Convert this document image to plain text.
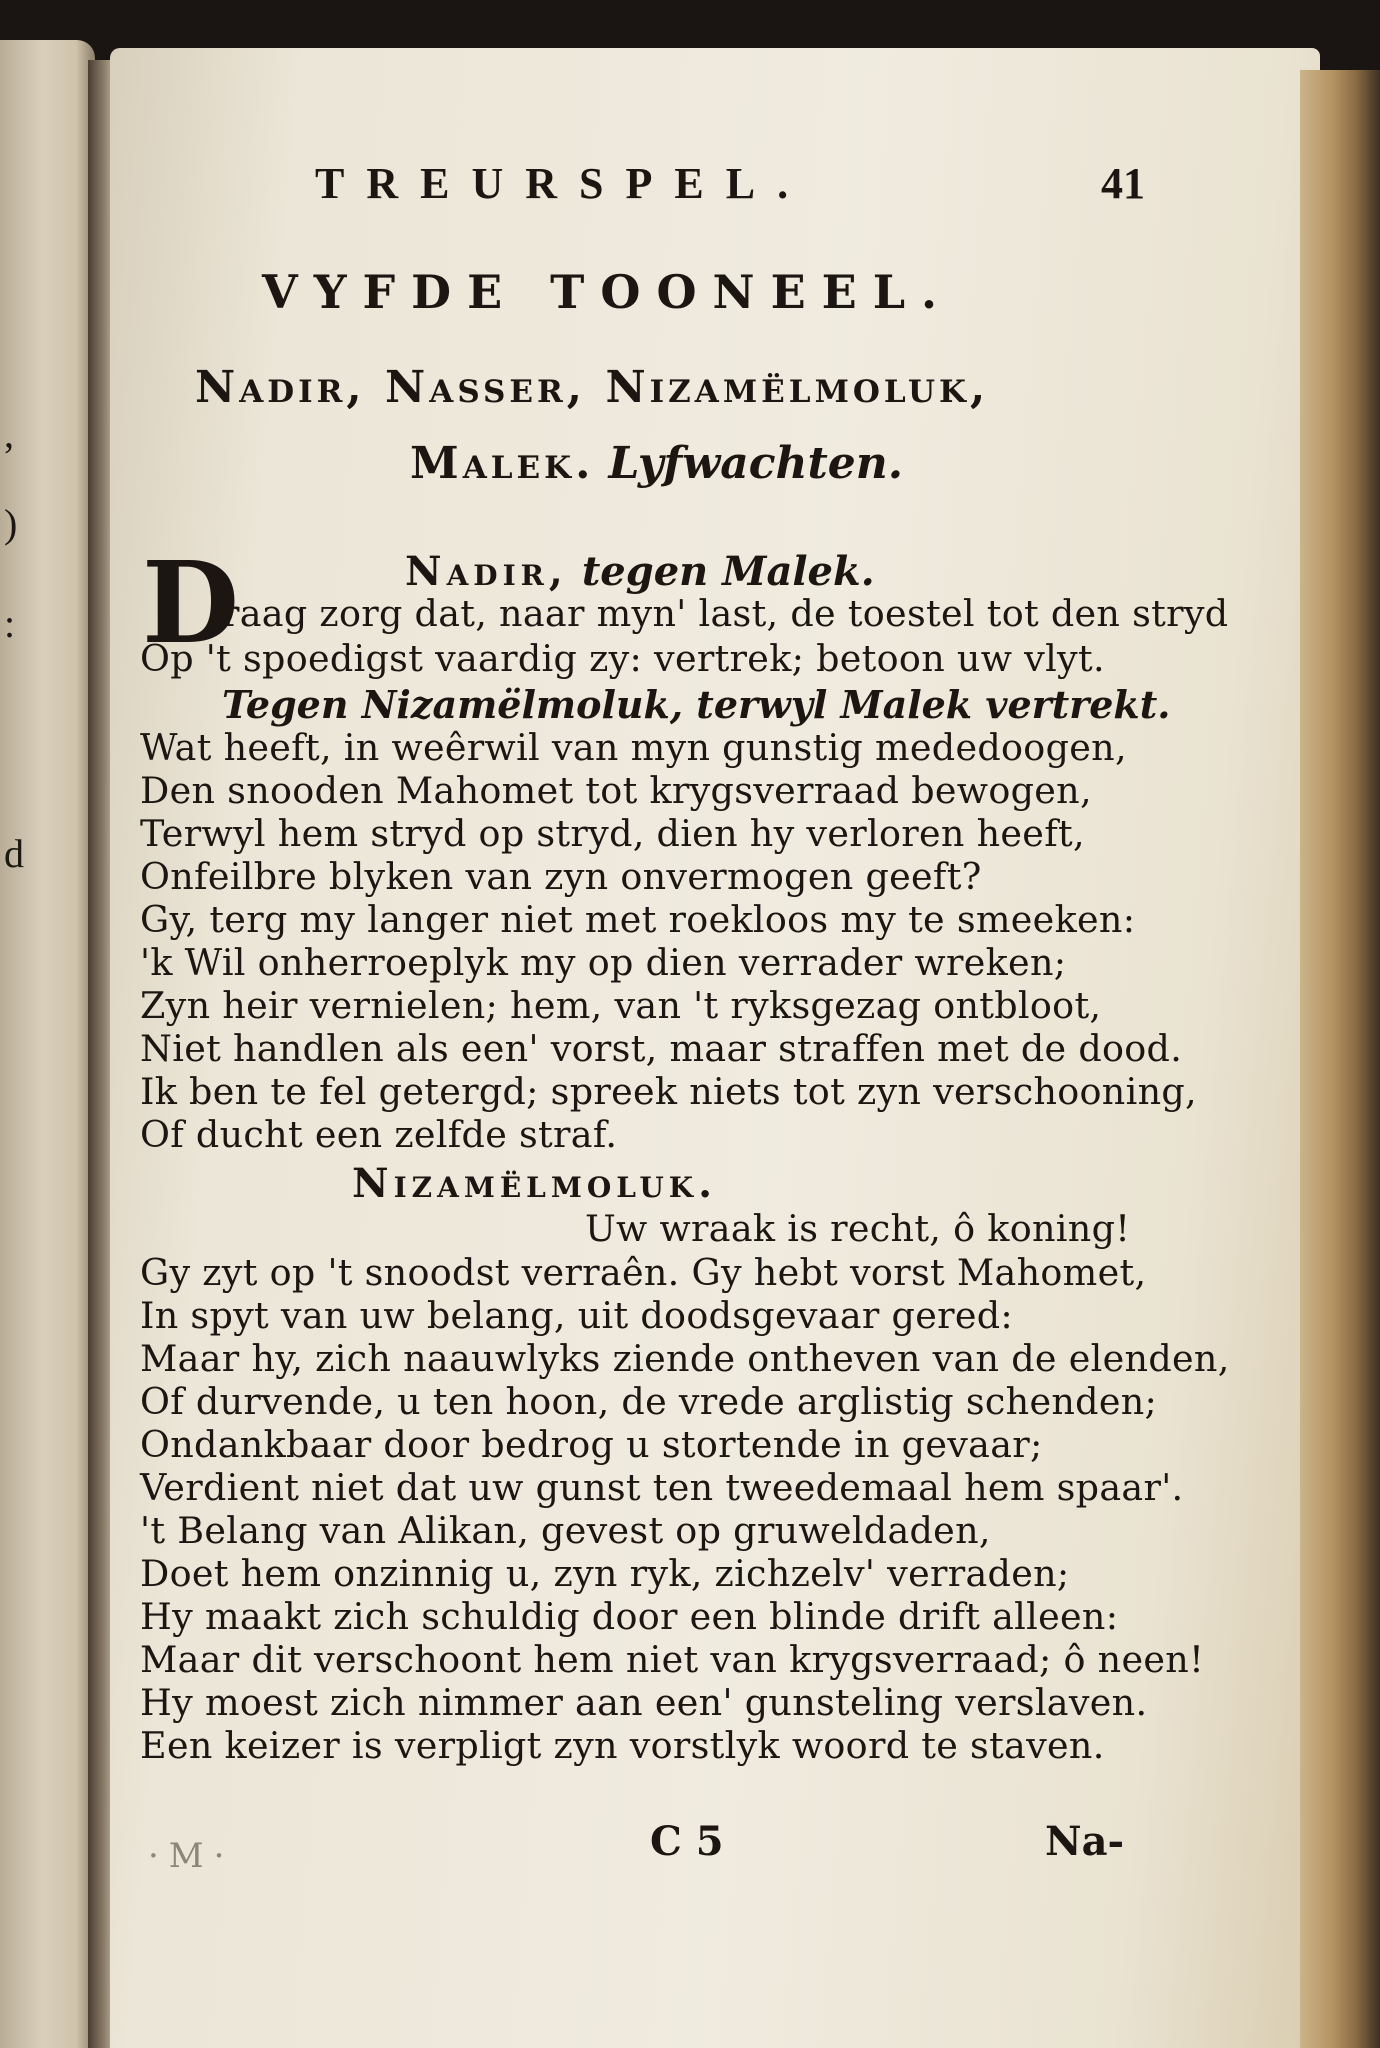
,
)
:
d
TREURSPEL.	41
VYFDE TOONEEL.
Nadir, Nasser, Nizamëlmoluk,
Malek. Lyfwachten.
Nadir, tegen Malek.
D
raag zorg dat, naar myn' last, de toestel tot den stryd
Op 't spoedigst vaardig zy: vertrek; betoon uw vlyt.
Tegen Nizamëlmoluk, terwyl Malek vertrekt.
Wat heeft, in weêrwil van myn gunstig mededoogen,
Den snooden Mahomet tot krygsverraad bewogen,
Terwyl hem stryd op stryd, dien hy verloren heeft,
Onfeilbre blyken van zyn onvermogen geeft?
Gy, terg my langer niet met roekloos my te smeeken:
'k Wil onherroeplyk my op dien verrader wreken;
Zyn heir vernielen; hem, van 't ryksgezag ontbloot,
Niet handlen als een' vorst, maar straffen met de dood.
Ik ben te fel getergd; spreek niets tot zyn verschooning,
Of ducht een zelfde straf.
Nizamëlmoluk.
Uw wraak is recht, ô koning!
Gy zyt op 't snoodst verraên. Gy hebt vorst Mahomet,
In spyt van uw belang, uit doodsgevaar gered:
Maar hy, zich naauwlyks ziende ontheven van de elenden,
Of durvende, u ten hoon, de vrede arglistig schenden;
Ondankbaar door bedrog u stortende in gevaar;
Verdient niet dat uw gunst ten tweedemaal hem spaar'.
't Belang van Alikan, gevest op gruweldaden,
Doet hem onzinnig u, zyn ryk, zichzelv' verraden;
Hy maakt zich schuldig door een blinde drift alleen:
Maar dit verschoont hem niet van krygsverraad; ô neen!
Hy moest zich nimmer aan een' gunsteling verslaven.
Een keizer is verpligt zyn vorstlyk woord te staven.
·M·	C 5	Na-
